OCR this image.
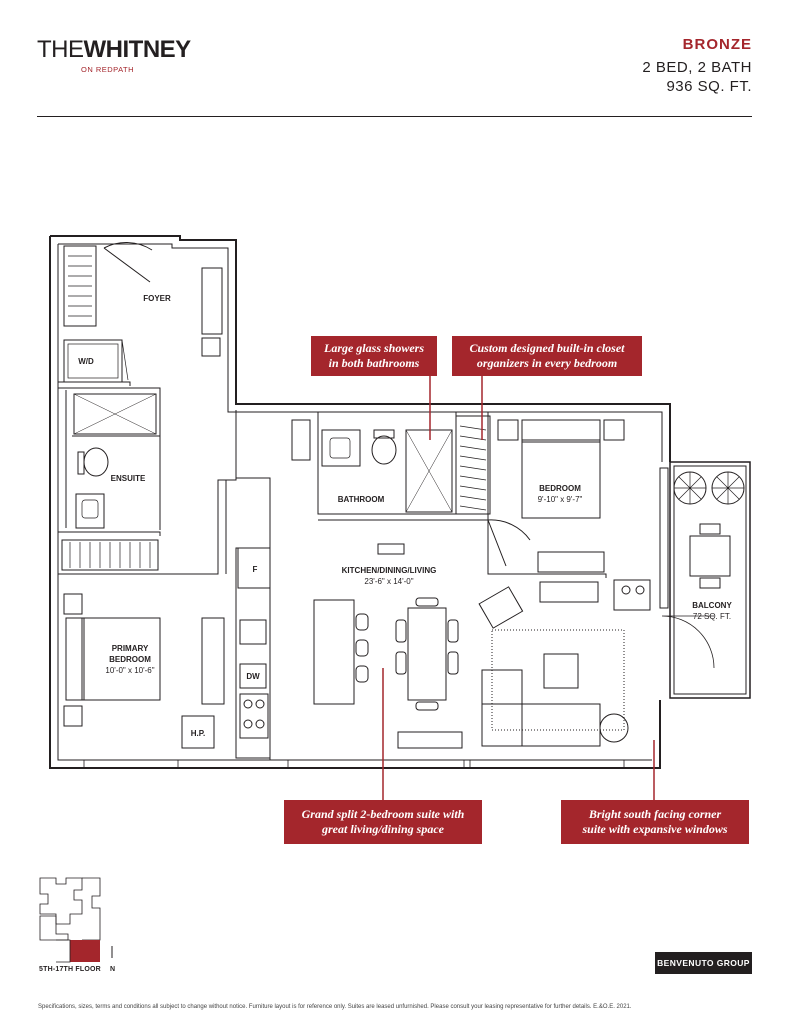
THEWHITNEY
ON REDPATH
BRONZE
2 BED, 2 BATH
936 SQ. FT.
FOYER
W/D
ENSUITE
BATHROOM
BEDROOM
9'-10" x 9'-7"
PRIMARY
BEDROOM
10'-0" x 10'-6"
KITCHEN/DINING/LIVING
23'-6" x 14'-0"
BALCONY
72 SQ. FT.
F
DW
H.P.
Large glass showers
in both bathrooms
Custom designed built-in closet
organizers in every bedroom
Grand split 2-bedroom suite with
great living/dining space
Bright south facing corner
suite with expansive windows
5TH-17TH FLOOR N
BENVENUTO GROUP
Specifications, sizes, terms and conditions all subject to change without notice. Furniture layout is for reference only. Suites are leased unfurnished. Please consult your leasing representative for further details. E.&O.E. 2021.
